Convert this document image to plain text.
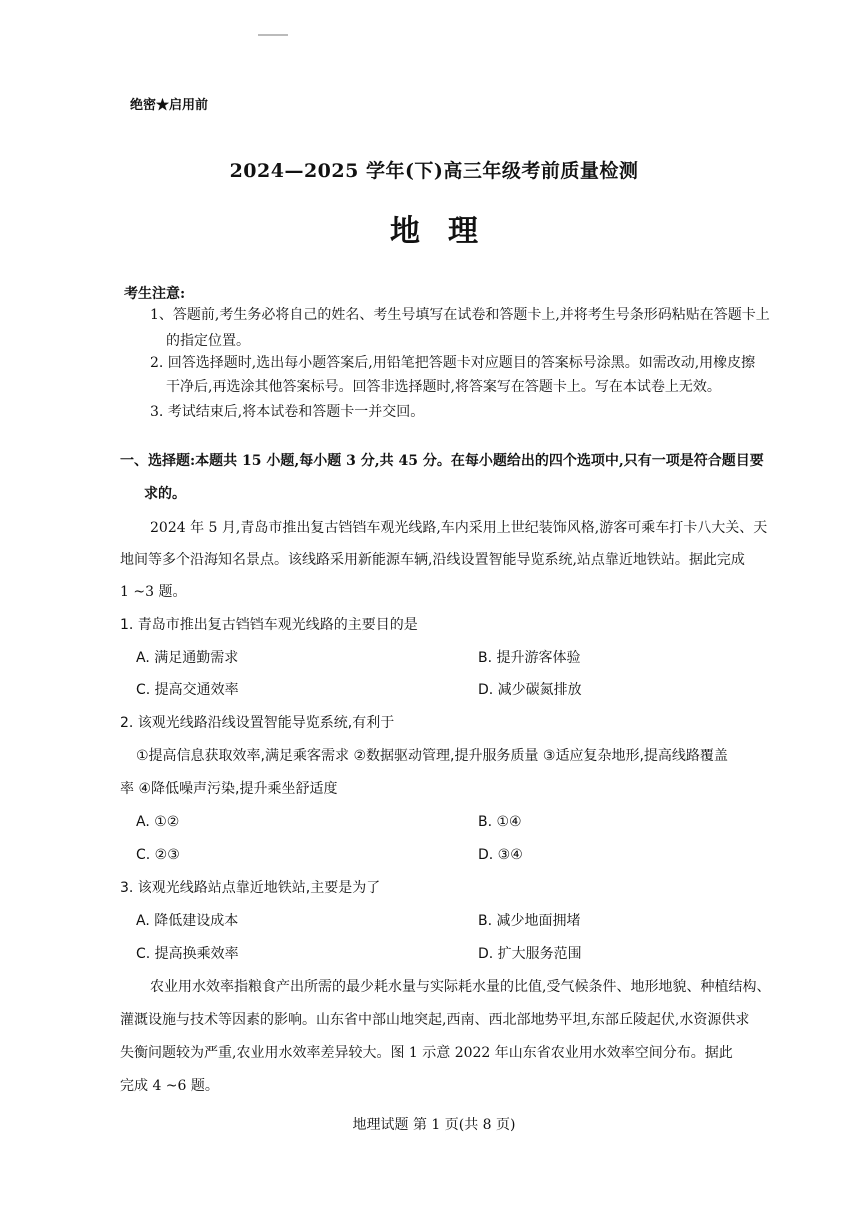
绝密★启用前
2024—2025 学年(下)高三年级考前质量检测
地理
考生注意:
1、答题前,考生务必将自己的姓名、考生号填写在试卷和答题卡上,并将考生号条形码粘贴在答题卡上
的指定位置。
2. 回答选择题时,选出每小题答案后,用铅笔把答题卡对应题目的答案标号涂黑。如需改动,用橡皮擦
干净后,再选涂其他答案标号。回答非选择题时,将答案写在答题卡上。写在本试卷上无效。
3. 考试结束后,将本试卷和答题卡一并交回。
一、选择题:本题共 15 小题,每小题 3 分,共 45 分。在每小题给出的四个选项中,只有一项是符合题目要
求的。
2024 年 5 月,青岛市推出复古铛铛车观光线路,车内采用上世纪装饰风格,游客可乘车打卡八大关、天
地间等多个沿海知名景点。该线路采用新能源车辆,沿线设置智能导览系统,站点靠近地铁站。据此完成
1 ~3 题。
1. 青岛市推出复古铛铛车观光线路的主要目的是
A. 满足通勤需求	B. 提升游客体验
C. 提高交通效率	D. 减少碳氮排放
2. 该观光线路沿线设置智能导览系统,有利于
①提高信息获取效率,满足乘客需求 ②数据驱动管理,提升服务质量 ③适应复杂地形,提高线路覆盖
率 ④降低噪声污染,提升乘坐舒适度
A. ①②	B. ①④
C. ②③	D. ③④
3. 该观光线路站点靠近地铁站,主要是为了
A. 降低建设成本	B. 减少地面拥堵
C. 提高换乘效率	D. 扩大服务范围
农业用水效率指粮食产出所需的最少耗水量与实际耗水量的比值,受气候条件、地形地貌、种植结构、
灌溉设施与技术等因素的影响。山东省中部山地突起,西南、西北部地势平坦,东部丘陵起伏,水资源供求
失衡问题较为严重,农业用水效率差异较大。图 1 示意 2022 年山东省农业用水效率空间分布。据此
完成 4 ~6 题。
地理试题 第 1 页(共 8 页)
